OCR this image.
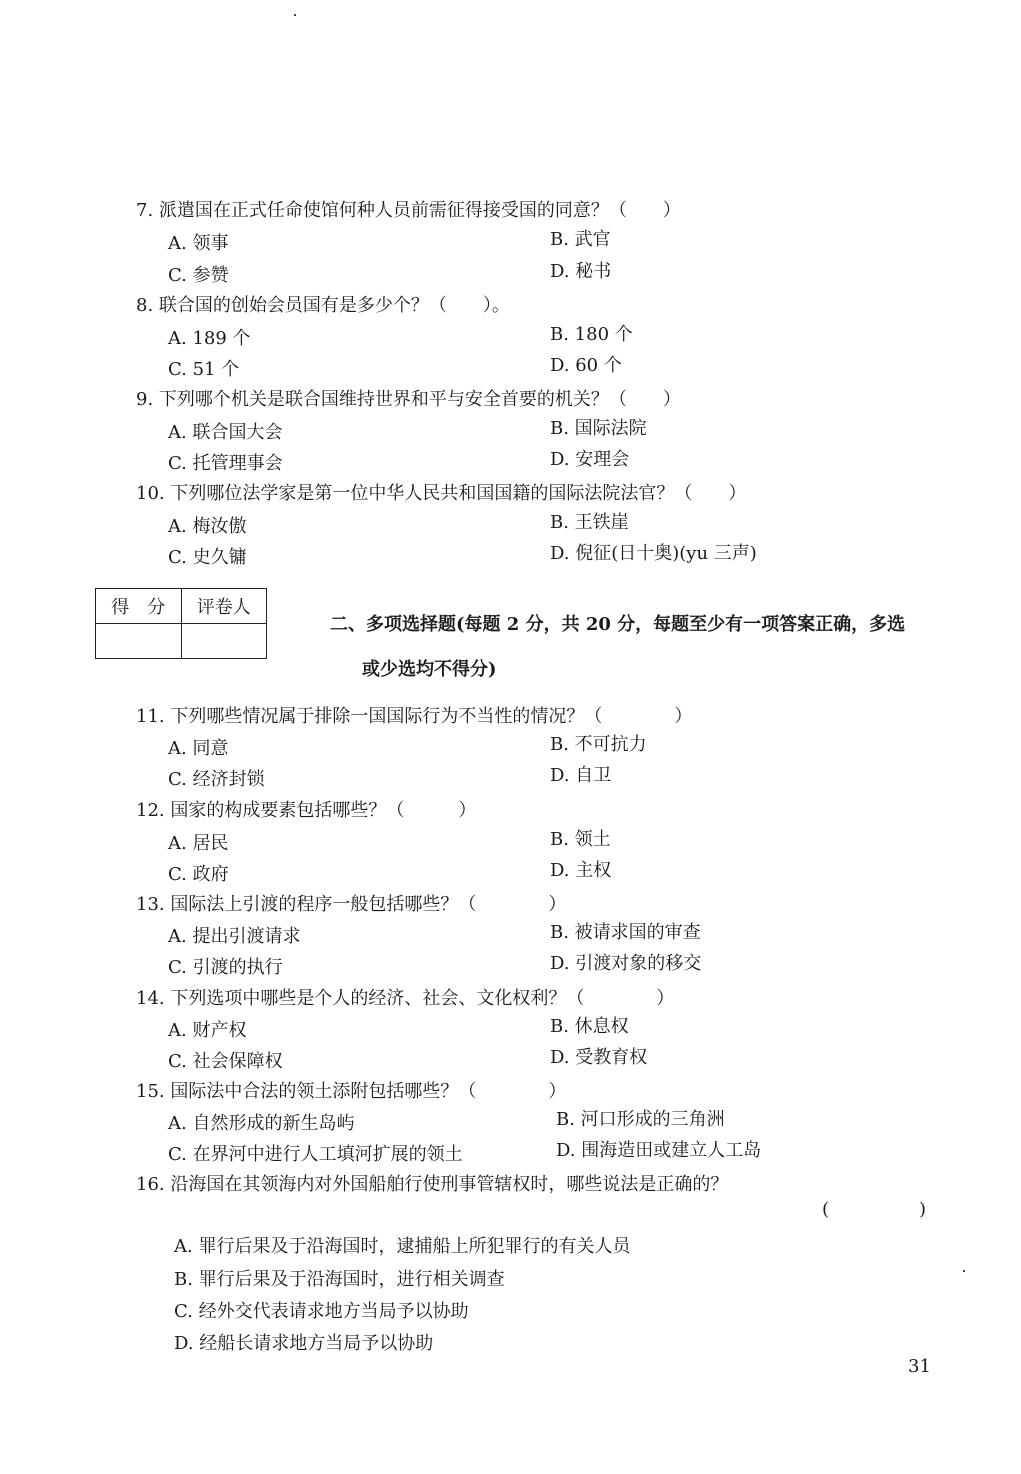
7. 派遣国在正式任命使馆何种人员前需征得接受国的同意？（　　）
A. 领事	B. 武官
C. 参赞	D. 秘书
8. 联合国的创始会员国有是多少个？（　　）。
A. 189 个	B. 180 个
C. 51 个	D. 60 个
9. 下列哪个机关是联合国维持世界和平与安全首要的机关？（　　）
A. 联合国大会	B. 国际法院
C. 托管理事会	D. 安理会
10. 下列哪位法学家是第一位中华人民共和国国籍的国际法院法官？（　　）
A. 梅汝傲	B. 王铁崖
C. 史久镛	D. 倪征(日十奥)(yu 三声)
得　分	评卷人

二、多项选择题(每题 2 分，共 20 分，每题至少有一项答案正确，多选
或少选均不得分)
11. 下列哪些情况属于排除一国国际行为不当性的情况？（　　　　）
A. 同意	B. 不可抗力
C. 经济封锁	D. 自卫
12. 国家的构成要素包括哪些？（　　　）
A. 居民	B. 领土
C. 政府	D. 主权
13. 国际法上引渡的程序一般包括哪些？（　　　　）
A. 提出引渡请求	B. 被请求国的审查
C. 引渡的执行	D. 引渡对象的移交
14. 下列选项中哪些是个人的经济、社会、文化权利？（　　　　）
A. 财产权	B. 休息权
C. 社会保障权	D. 受教育权
15. 国际法中合法的领土添附包括哪些？（　　　　）
A. 自然形成的新生岛屿	B. 河口形成的三角洲
C. 在界河中进行人工填河扩展的领土	D. 围海造田或建立人工岛
16. 沿海国在其领海内对外国船舶行使刑事管辖权时，哪些说法是正确的？
(　　　　　)
A. 罪行后果及于沿海国时，逮捕船上所犯罪行的有关人员
B. 罪行后果及于沿海国时，进行相关调查
C. 经外交代表请求地方当局予以协助
D. 经船长请求地方当局予以协助
31
